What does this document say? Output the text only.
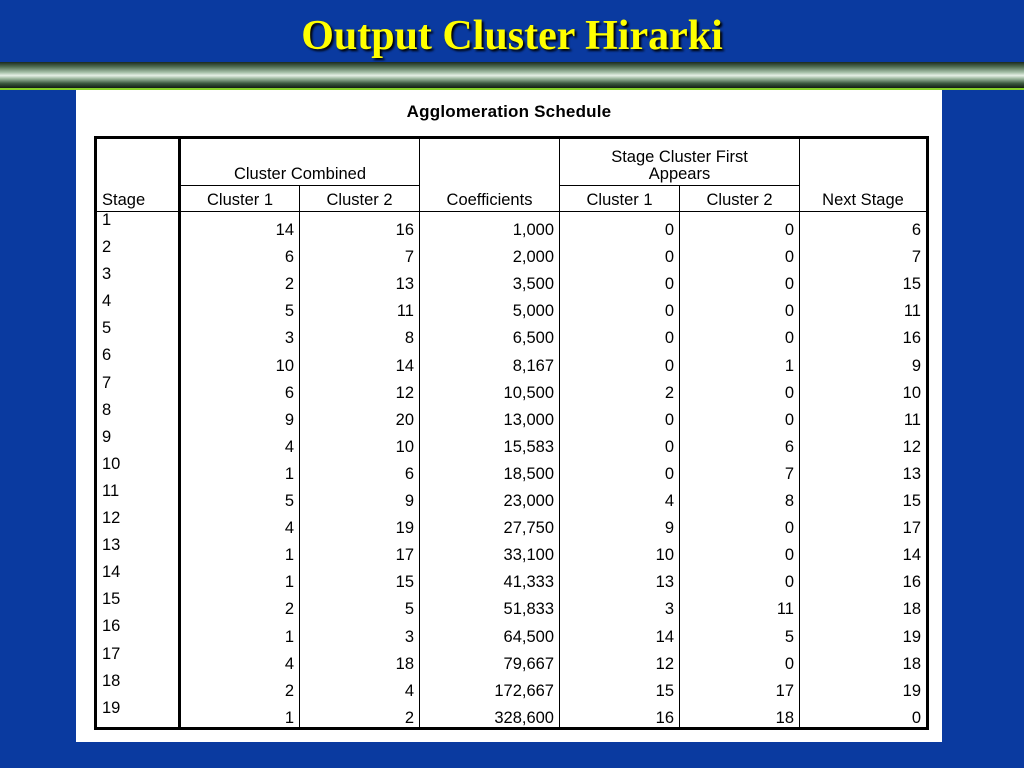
Output Cluster Hirarki
Agglomeration Schedule
Stage	Cluster Combined		Coefficients	Stage Cluster First Appears		Next Stage
	Cluster 1	Cluster 2		Cluster 1	Cluster 2	
1	14	16	1,000	0	0	6
2	6	7	2,000	0	0	7
3	2	13	3,500	0	0	15
4	5	11	5,000	0	0	11
5	3	8	6,500	0	0	16
6	10	14	8,167	0	1	9
7	6	12	10,500	2	0	10
8	9	20	13,000	0	0	11
9	4	10	15,583	0	6	12
10	1	6	18,500	0	7	13
11	5	9	23,000	4	8	15
12	4	19	27,750	9	0	17
13	1	17	33,100	10	0	14
14	1	15	41,333	13	0	16
15	2	5	51,833	3	11	18
16	1	3	64,500	14	5	19
17	4	18	79,667	12	0	18
18	2	4	172,667	15	17	19
19	1	2	328,600	16	18	0
